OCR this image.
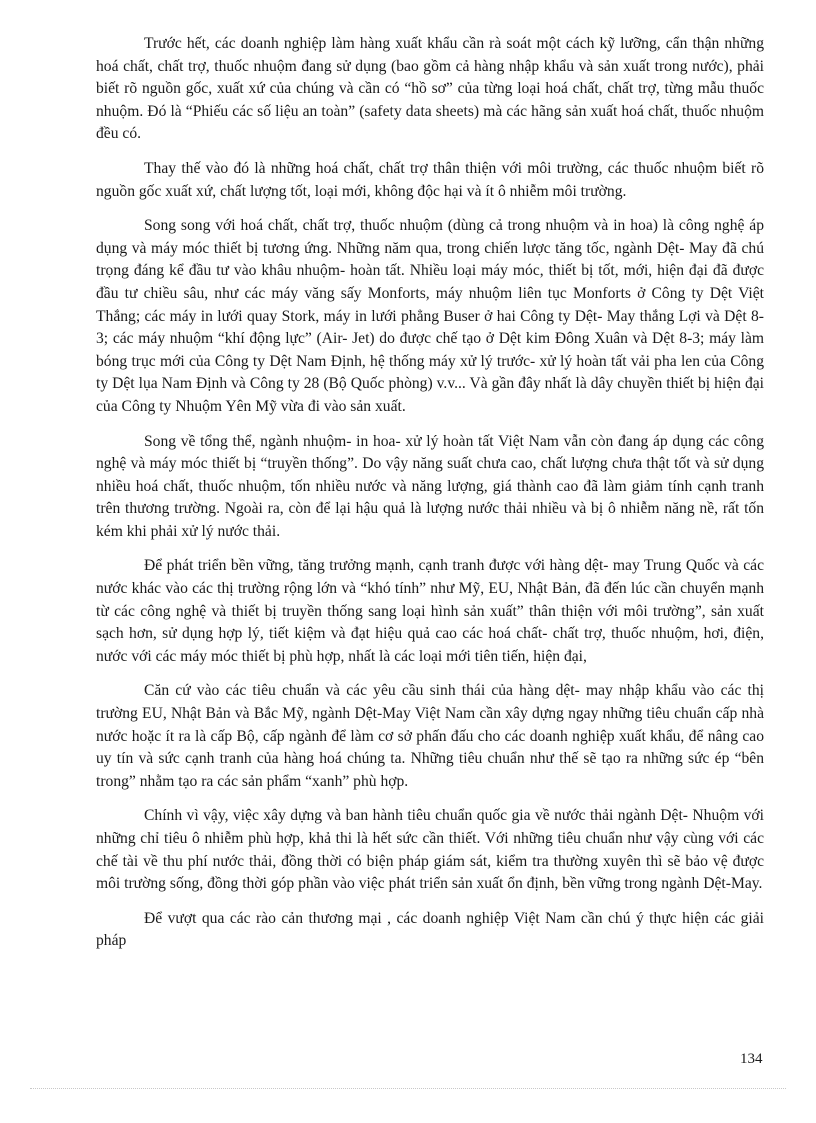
Trước hết, các doanh nghiệp làm hàng xuất khẩu cần rà soát một cách kỹ lưỡng, cẩn thận những hoá chất, chất trợ, thuốc nhuộm đang sử dụng (bao gồm cả hàng nhập khẩu và sản xuất trong nước), phải biết rõ nguồn gốc, xuất xứ của chúng và cần có “hồ sơ” của từng loại hoá chất, chất trợ, từng mẫu thuốc nhuộm. Đó là “Phiếu các số liệu an toàn” (safety data sheets) mà các hãng sản xuất hoá chất, thuốc nhuộm đều có.

Thay thế vào đó là những hoá chất, chất trợ thân thiện với môi trường, các thuốc nhuộm biết rõ nguồn gốc xuất xứ, chất lượng tốt, loại mới, không độc hại và ít ô nhiễm môi trường.

Song song với hoá chất, chất trợ, thuốc nhuộm (dùng cả trong nhuộm và in hoa) là công nghệ áp dụng và máy móc thiết bị tương ứng. Những năm qua, trong chiến lược tăng tốc, ngành Dệt- May đã chú trọng đáng kể đầu tư vào khâu nhuộm- hoàn tất. Nhiều loại máy móc, thiết bị tốt, mới, hiện đại đã được đầu tư chiều sâu, như các máy văng sấy Monforts, máy nhuộm liên tục Monforts ở Công ty Dệt Việt Thắng; các máy in lưới quay Stork, máy in lưới phẳng Buser ở hai Công ty Dệt- May thắng Lợi và Dệt 8- 3; các máy nhuộm “khí động lực” (Air- Jet) do được chế tạo ở Dệt kim Đông Xuân và Dệt 8-3; máy làm bóng trục mới của Công ty Dệt Nam Định, hệ thống máy xử lý trước- xử lý hoàn tất vải pha len của Công ty Dệt lụa Nam Định và Công ty 28 (Bộ Quốc phòng) v.v... Và gần đây nhất là dây chuyền thiết bị hiện đại của Công ty Nhuộm Yên Mỹ vừa đi vào sản xuất.

Song về tổng thể, ngành nhuộm- in hoa- xử lý hoàn tất Việt Nam vẫn còn đang áp dụng các công nghệ và máy móc thiết bị “truyền thống”. Do vậy năng suất chưa cao, chất lượng chưa thật tốt và sử dụng nhiều hoá chất, thuốc nhuộm, tốn nhiều nước và năng lượng, giá thành cao đã làm giảm tính cạnh tranh trên thương trường. Ngoài ra, còn để lại hậu quả là lượng nước thải nhiều và bị ô nhiễm năng nề, rất tốn kém khi phải xử lý nước thải.

Để phát triển bền vững, tăng trưởng mạnh, cạnh tranh được với hàng dệt- may Trung Quốc và các nước khác vào các thị trường rộng lớn và “khó tính” như Mỹ, EU, Nhật Bản, đã đến lúc cần chuyển mạnh từ các công nghệ và thiết bị truyền thống sang loại hình sản xuất” thân thiện với môi trường”, sản xuất sạch hơn, sử dụng hợp lý, tiết kiệm và đạt hiệu quả cao các hoá chất- chất trợ, thuốc nhuộm, hơi, điện, nước với các máy móc thiết bị phù hợp, nhất là các loại mới tiên tiến, hiện đại,

Căn cứ vào các tiêu chuẩn và các yêu cầu sinh thái của hàng dệt- may nhập khẩu vào các thị trường EU, Nhật Bản và Bắc Mỹ, ngành Dệt-May Việt Nam cần xây dựng ngay những tiêu chuẩn cấp nhà nước hoặc ít ra là cấp Bộ, cấp ngành để làm cơ sở phấn đấu cho các doanh nghiệp xuất khẩu, để nâng cao uy tín và sức cạnh tranh của hàng hoá chúng ta. Những tiêu chuẩn như thế sẽ tạo ra những sức ép “bên trong” nhằm tạo ra các sản phẩm “xanh” phù hợp.

Chính vì vậy, việc xây dựng và ban hành tiêu chuẩn quốc gia về nước thải ngành Dệt- Nhuộm với những chỉ tiêu ô nhiễm phù hợp, khả thi là hết sức cần thiết. Với những tiêu chuẩn như vậy cùng với các chế tài về thu phí nước thải, đồng thời có biện pháp giám sát, kiểm tra thường xuyên thì sẽ bảo vệ được môi trường sống, đồng thời góp phần vào việc phát triển sản xuất ổn định, bền vững trong ngành Dệt-May.

Để vượt qua các rào cản thương mại , các doanh nghiệp Việt Nam cần chú ý thực hiện các giải pháp

134
